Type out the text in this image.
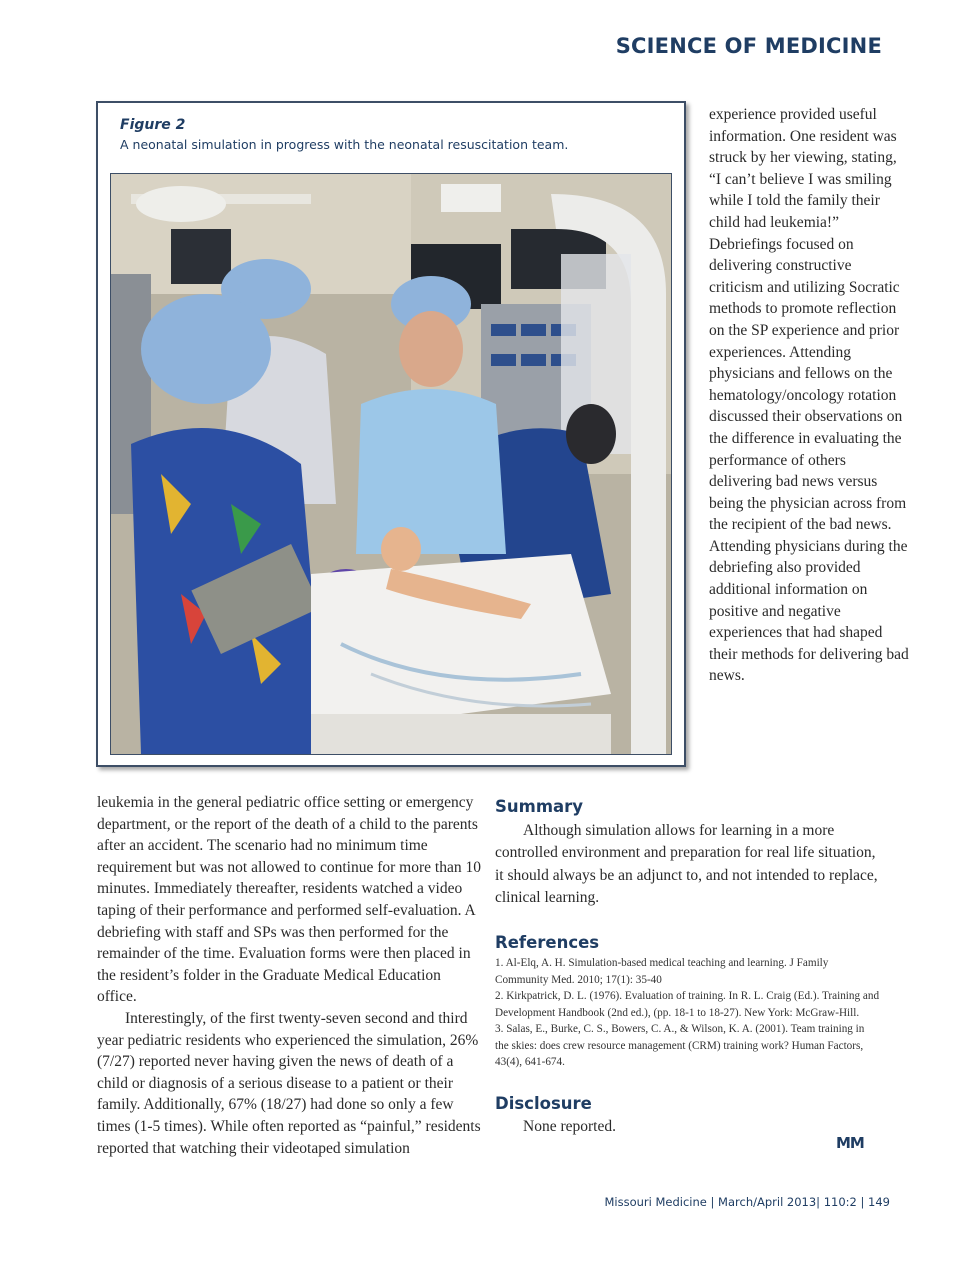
SCIENCE OF MEDICINE
Figure 2
A neonatal simulation in progress with the neonatal resuscitation team.

experience provided useful information. One resident was struck by her viewing, stating, “I can’t believe I was smiling while I told the family their child had leukemia!” Debriefings focused on delivering constructive criticism and utilizing Socratic methods to promote reflection on the SP experience and prior experiences. Attending physicians and fellows on the hematology/oncology rotation discussed their observations on the difference in evaluating the performance of others delivering bad news versus being the physician across from the recipient of the bad news. Attending physicians during the debriefing also provided additional information on positive and negative experiences that had shaped their methods for delivering bad news.

leukemia in the general pediatric office setting or emergency department, or the report of the death of a child to the parents after an accident. The scenario had no minimum time requirement but was not allowed to continue for more than 10 minutes. Immediately thereafter, residents watched a video taping of their performance and performed self-evaluation. A debriefing with staff and SPs was then performed for the remainder of the time. Evaluation forms were then placed in the resident’s folder in the Graduate Medical Education office.

Interestingly, of the first twenty-seven second and third year pediatric residents who experienced the simulation, 26% (7/27) reported never having given the news of death of a child or diagnosis of a serious disease to a patient or their family. Additionally, 67% (18/27) had done so only a few times (1-5 times). While often reported as “painful,” residents reported that watching their videotaped simulation

Summary

Although simulation allows for learning in a more controlled environment and preparation for real life situation, it should always be an adjunct to, and not intended to replace, clinical learning.

References

1. Al-Elq, A. H. Simulation-based medical teaching and learning. J Family Community Med. 2010; 17(1): 35-40

2. Kirkpatrick, D. L. (1976). Evaluation of training. In R. L. Craig (Ed.). Training and Development Handbook (2nd ed.), (pp. 18-1 to 18-27). New York: McGraw-Hill.

3. Salas, E., Burke, C. S., Bowers, C. A., & Wilson, K. A. (2001). Team training in the skies: does crew resource management (CRM) training work? Human Factors, 43(4), 641-674.

Disclosure

None reported.

MM
Missouri Medicine | March/April 2013| 110:2 | 149
